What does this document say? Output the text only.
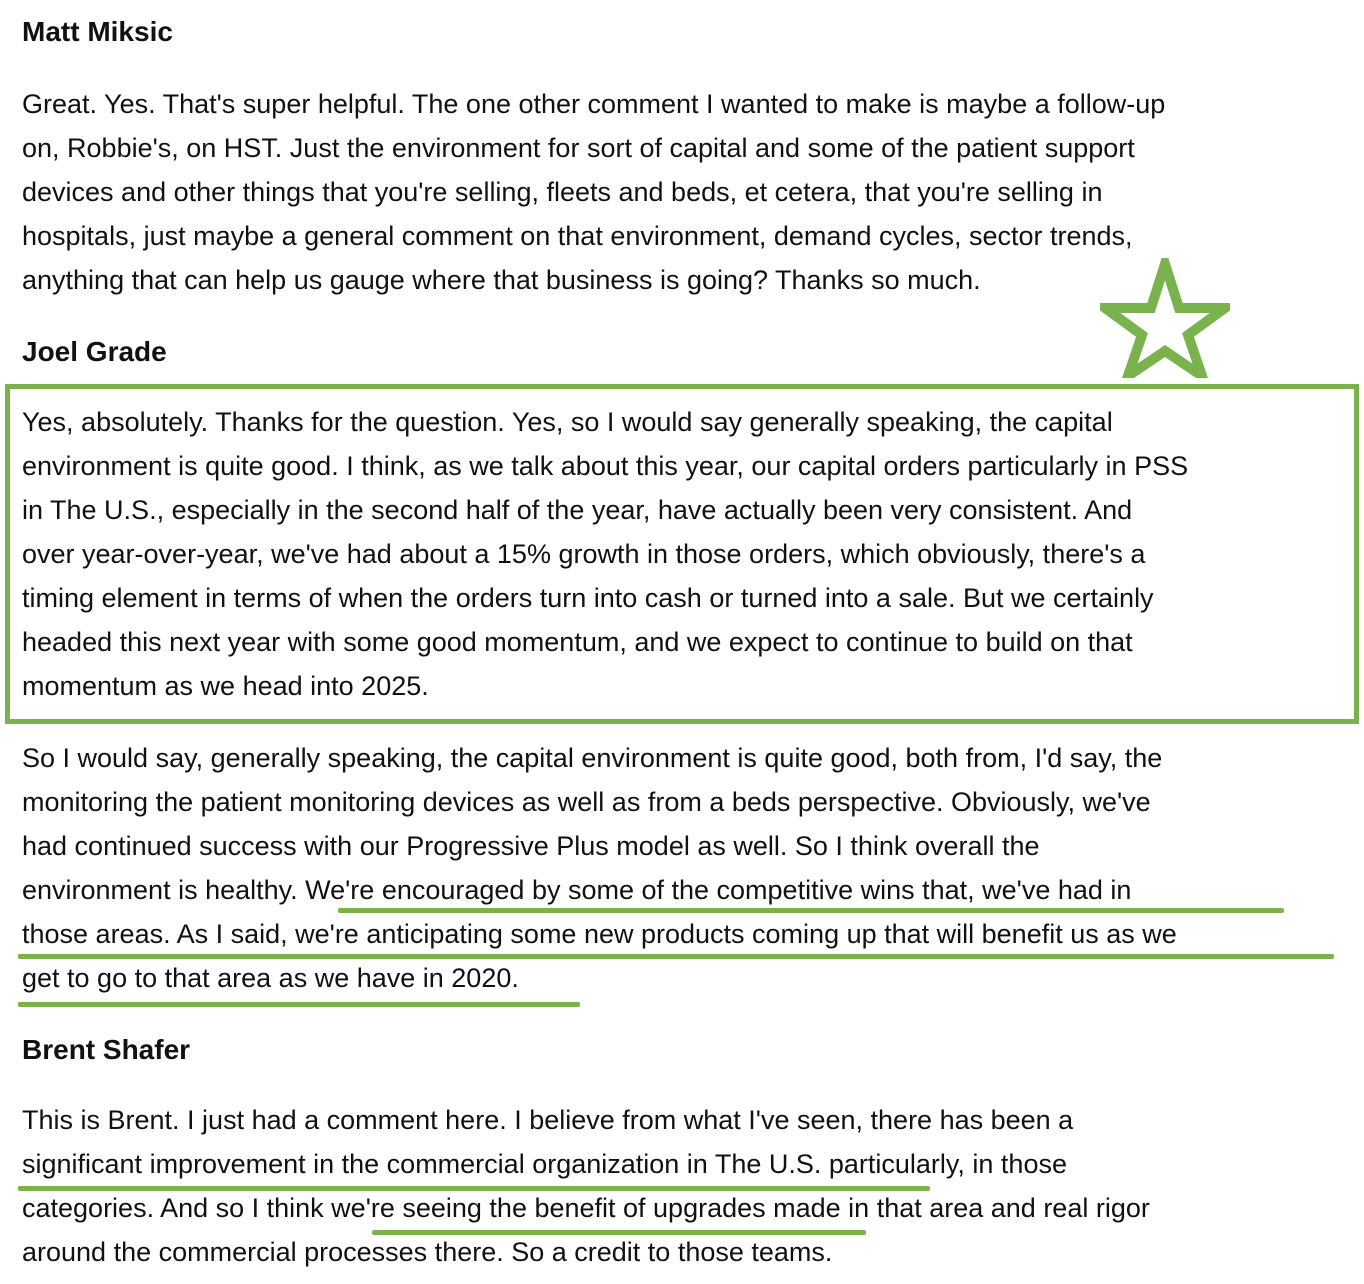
Matt Miksic

Great. Yes. That's super helpful. The one other comment I wanted to make is maybe a follow-up
on, Robbie's, on HST. Just the environment for sort of capital and some of the patient support
devices and other things that you're selling, fleets and beds, et cetera, that you're selling in
hospitals, just maybe a general comment on that environment, demand cycles, sector trends,
anything that can help us gauge where that business is going? Thanks so much.

Joel Grade

Yes, absolutely. Thanks for the question. Yes, so I would say generally speaking, the capital
environment is quite good. I think, as we talk about this year, our capital orders particularly in PSS
in The U.S., especially in the second half of the year, have actually been very consistent. And
over year-over-year, we've had about a 15% growth in those orders, which obviously, there's a
timing element in terms of when the orders turn into cash or turned into a sale. But we certainly
headed this next year with some good momentum, and we expect to continue to build on that
momentum as we head into 2025.

So I would say, generally speaking, the capital environment is quite good, both from, I'd say, the
monitoring the patient monitoring devices as well as from a beds perspective. Obviously, we've
had continued success with our Progressive Plus model as well. So I think overall the
environment is healthy. We're encouraged by some of the competitive wins that, we've had in
those areas. As I said, we're anticipating some new products coming up that will benefit us as we
get to go to that area as we have in 2020.

Brent Shafer

This is Brent. I just had a comment here. I believe from what I've seen, there has been a
significant improvement in the commercial organization in The U.S. particularly, in those
categories. And so I think we're seeing the benefit of upgrades made in that area and real rigor
around the commercial processes there. So a credit to those teams.
